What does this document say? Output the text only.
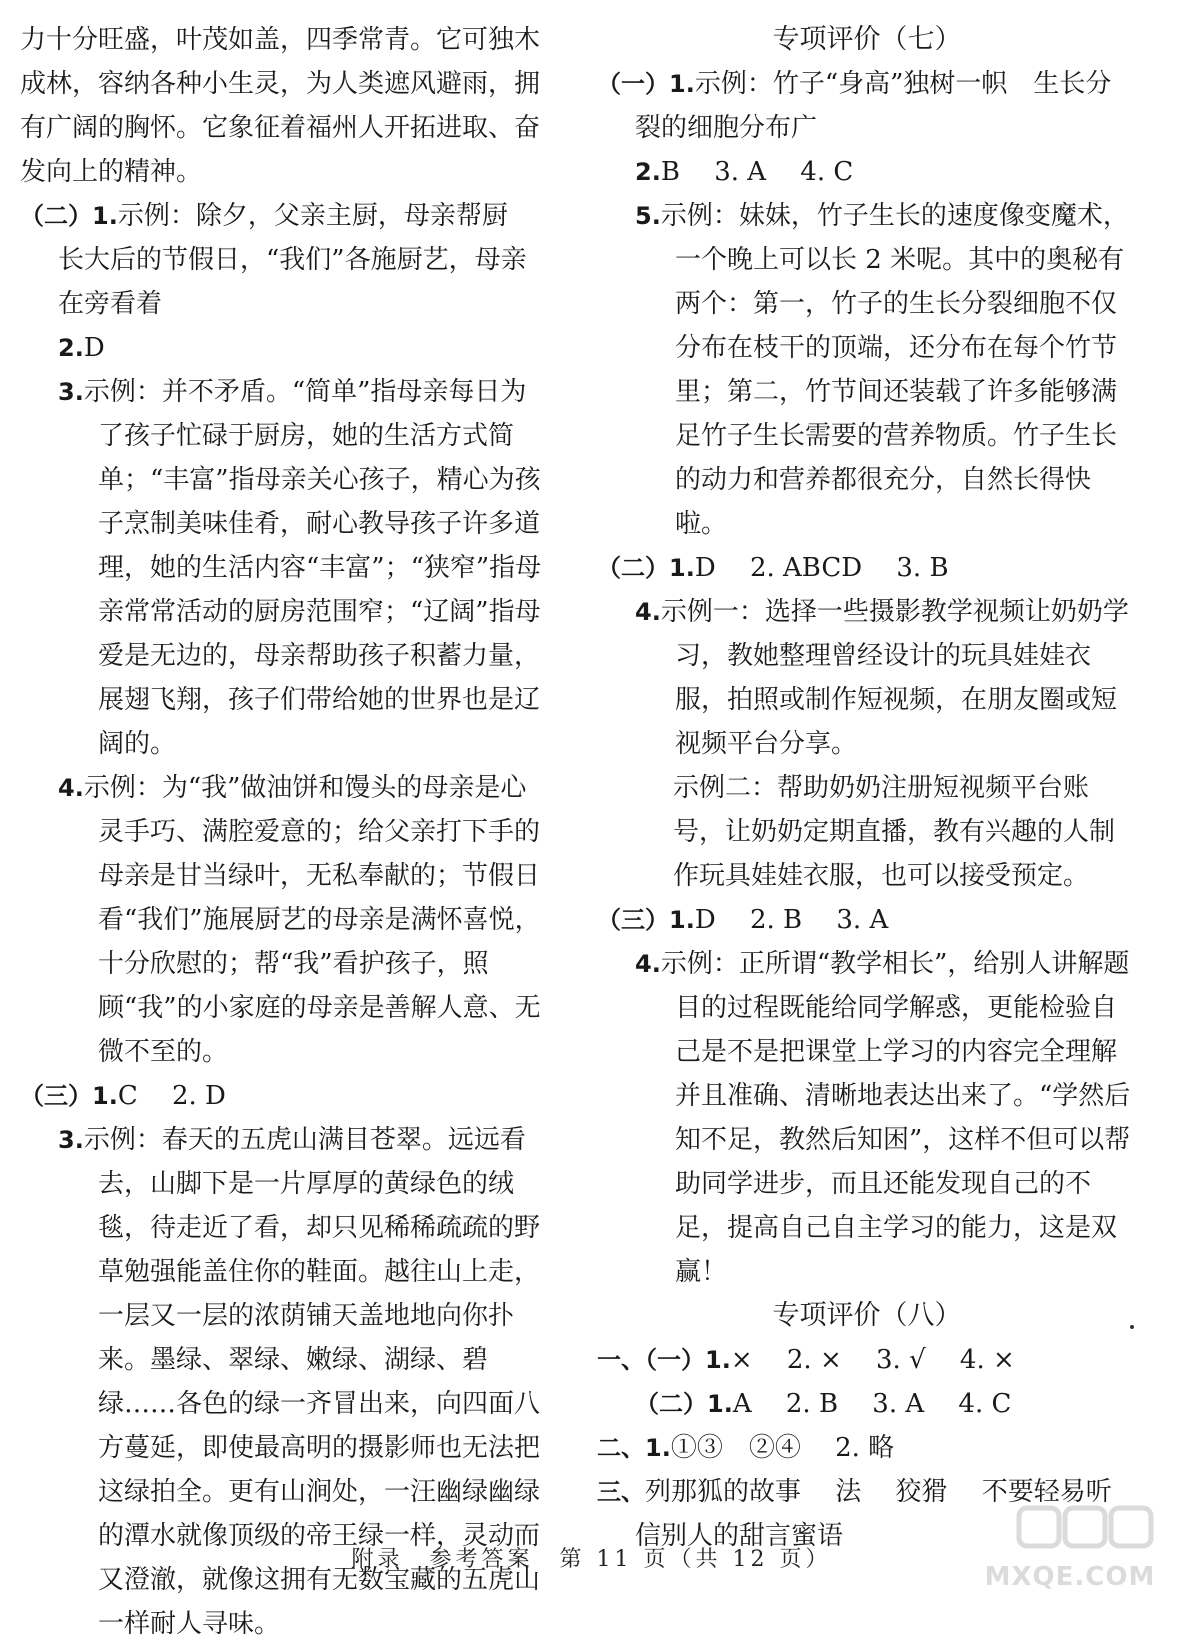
力十分旺盛，叶茂如盖，四季常青。它可独木成林，容纳各种小生灵，为人类遮风避雨，拥有广阔的胸怀。它象征着福州人开拓进取、奋发向上的精神。

（二）1.示例：除夕，父亲主厨，母亲帮厨　长大后的节假日，“我们”各施厨艺，母亲在旁看着

2.D

3.示例：并不矛盾。“简单”指母亲每日为了孩子忙碌于厨房，她的生活方式简单；“丰富”指母亲关心孩子，精心为孩子烹制美味佳肴，耐心教导孩子许多道理，她的生活内容“丰富”；“狭窄”指母亲常常活动的厨房范围窄；“辽阔”指母爱是无边的，母亲帮助孩子积蓄力量，展翅飞翔，孩子们带给她的世界也是辽阔的。

4.示例：为“我”做油饼和馒头的母亲是心灵手巧、满腔爱意的；给父亲打下手的母亲是甘当绿叶，无私奉献的；节假日看“我们”施展厨艺的母亲是满怀喜悦，十分欣慰的；帮“我”看护孩子，照顾“我”的小家庭的母亲是善解人意、无微不至的。

（三）1.C　 2. D

3.示例：春天的五虎山满目苍翠。远远看去，山脚下是一片厚厚的黄绿色的绒毯，待走近了看，却只见稀稀疏疏的野草勉强能盖住你的鞋面。越往山上走，一层又一层的浓荫铺天盖地地向你扑来。墨绿、翠绿、嫩绿、湖绿、碧绿……各色的绿一齐冒出来，向四面八方蔓延，即使最高明的摄影师也无法把这绿拍全。更有山涧处，一汪幽绿幽绿的潭水就像顶级的帝王绿一样，灵动而又澄澈，就像这拥有无数宝藏的五虎山一样耐人寻味。

专项评价（七）

（一）1.示例：竹子“身高”独树一帜　生长分裂的细胞分布广

2.B　 3. A　 4. C

5.示例：妹妹，竹子生长的速度像变魔术，一个晚上可以长 2 米呢。其中的奥秘有两个：第一，竹子的生长分裂细胞不仅分布在枝干的顶端，还分布在每个竹节里；第二，竹节间还装载了许多能够满足竹子生长需要的营养物质。竹子生长的动力和营养都很充分，自然长得快啦。

（二）1.D　 2. ABCD　 3. B

4.示例一：选择一些摄影教学视频让奶奶学习，教她整理曾经设计的玩具娃娃衣服，拍照或制作短视频，在朋友圈或短视频平台分享。

示例二：帮助奶奶注册短视频平台账号，让奶奶定期直播，教有兴趣的人制作玩具娃娃衣服，也可以接受预定。

（三）1.D　 2. B　 3. A

4.示例：正所谓“教学相长”，给别人讲解题目的过程既能给同学解惑，更能检验自己是不是把课堂上学习的内容完全理解并且准确、清晰地表达出来了。“学然后知不足，教然后知困”，这样不但可以帮助同学进步，而且还能发现自己的不足，提高自己自主学习的能力，这是双赢！

专项评价（八）

一、（一）1.×　 2. ×　 3. √　 4. ×

（二）1.A　 2. B　 3. A　 4. C

二、1.①③　②④　 2. 略

三、列那狐的故事　 法　 狡猾　 不要轻易听信别人的甜言蜜语

附录　参考答案　第 11 页（共 12 页）
MXQE.COM
